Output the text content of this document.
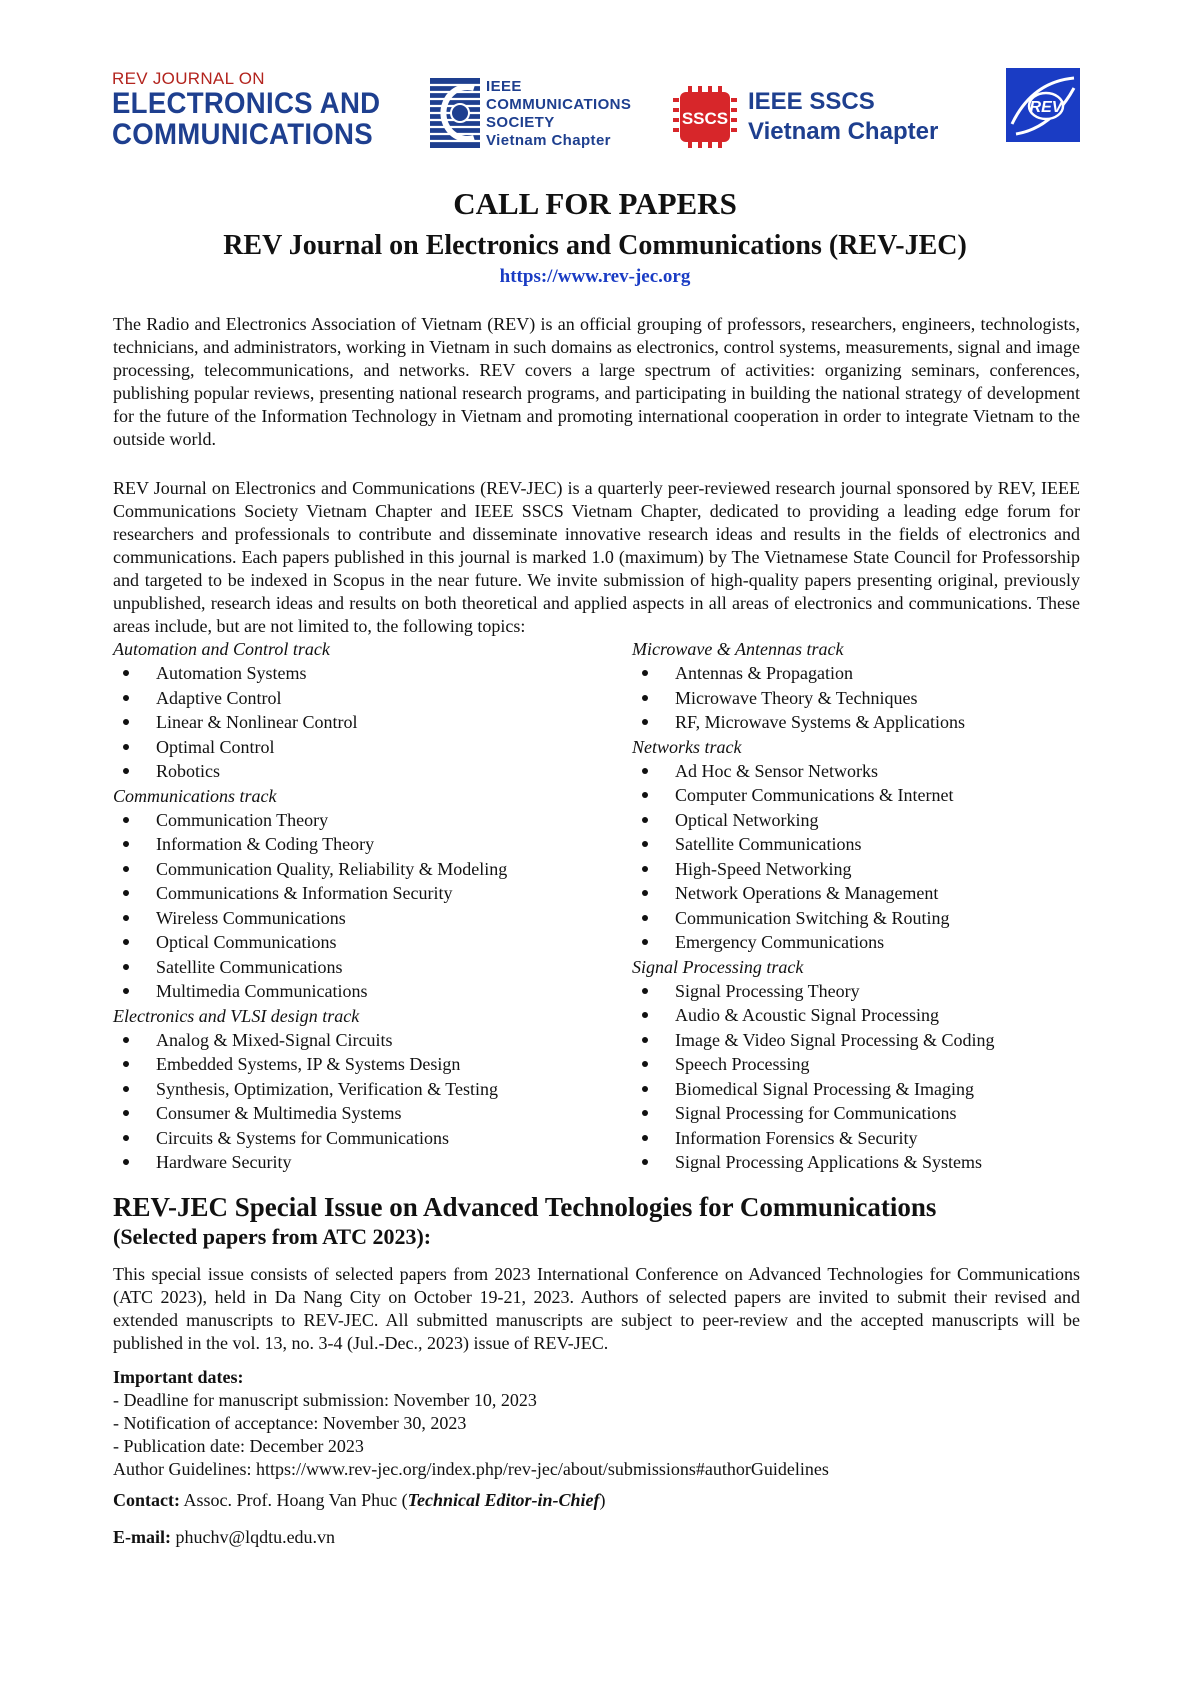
REV JOURNAL ON
ELECTRONICS AND
COMMUNICATIONS
IEEE
COMMUNICATIONS
SOCIETY
Vietnam Chapter
SSCS
IEEE SSCS
Vietnam Chapter
REV
CALL FOR PAPERS
REV Journal on Electronics and Communications (REV-JEC)
https://www.rev-jec.org
The Radio and Electronics Association of Vietnam (REV) is an official grouping of professors, researchers, engineers, technologists, technicians, and administrators, working in Vietnam in such domains as electronics, control systems, measurements, signal and image processing, telecommunications, and networks. REV covers a large spectrum of activities: organizing seminars, conferences, publishing popular reviews, presenting national research programs, and participating in building the national strategy of development for the future of the Information Technology in Vietnam and promoting international cooperation in order to integrate Vietnam to the outside world.
REV Journal on Electronics and Communications (REV-JEC) is a quarterly peer-reviewed research journal sponsored by REV, IEEE Communications Society Vietnam Chapter and IEEE SSCS Vietnam Chapter, dedicated to providing a leading edge forum for researchers and professionals to contribute and disseminate innovative research ideas and results in the fields of electronics and communications. Each papers published in this journal is marked 1.0 (maximum) by The Vietnamese State Council for Professorship and targeted to be indexed in Scopus in the near future. We invite submission of high-quality papers presenting original, previously unpublished, research ideas and results on both theoretical and applied aspects in all areas of electronics and communications. These areas include, but are not limited to, the following topics:
Automation and Control track
Automation Systems
Adaptive Control
Linear & Nonlinear Control
Optimal Control
Robotics
Communications track
Communication Theory
Information & Coding Theory
Communication Quality, Reliability & Modeling
Communications & Information Security
Wireless Communications
Optical Communications
Satellite Communications
Multimedia Communications
Electronics and VLSI design track
Analog & Mixed-Signal Circuits
Embedded Systems, IP & Systems Design
Synthesis, Optimization, Verification & Testing
Consumer & Multimedia Systems
Circuits & Systems for Communications
Hardware Security
Microwave & Antennas track
Antennas & Propagation
Microwave Theory & Techniques
RF, Microwave Systems & Applications
Networks track
Ad Hoc & Sensor Networks
Computer Communications & Internet
Optical Networking
Satellite Communications
High-Speed Networking
Network Operations & Management
Communication Switching & Routing
Emergency Communications
Signal Processing track
Signal Processing Theory
Audio & Acoustic Signal Processing
Image & Video Signal Processing & Coding
Speech Processing
Biomedical Signal Processing & Imaging
Signal Processing for Communications
Information Forensics & Security
Signal Processing Applications & Systems
REV-JEC Special Issue on Advanced Technologies for Communications
(Selected papers from ATC 2023):
This special issue consists of selected papers from 2023 International Conference on Advanced Technologies for Communications (ATC 2023), held in Da Nang City on October 19-21, 2023. Authors of selected papers are invited to submit their revised and extended manuscripts to REV-JEC. All submitted manuscripts are subject to peer-review and the accepted manuscripts will be published in the vol. 13, no. 3-4 (Jul.-Dec., 2023) issue of REV-JEC.
Important dates:
- Deadline for manuscript submission: November 10, 2023
- Notification of acceptance: November 30, 2023
- Publication date: December 2023
Author Guidelines: https://www.rev-jec.org/index.php/rev-jec/about/submissions#authorGuidelines
Contact: Assoc. Prof. Hoang Van Phuc (Technical Editor-in-Chief)
E-mail: phuchv@lqdtu.edu.vn
